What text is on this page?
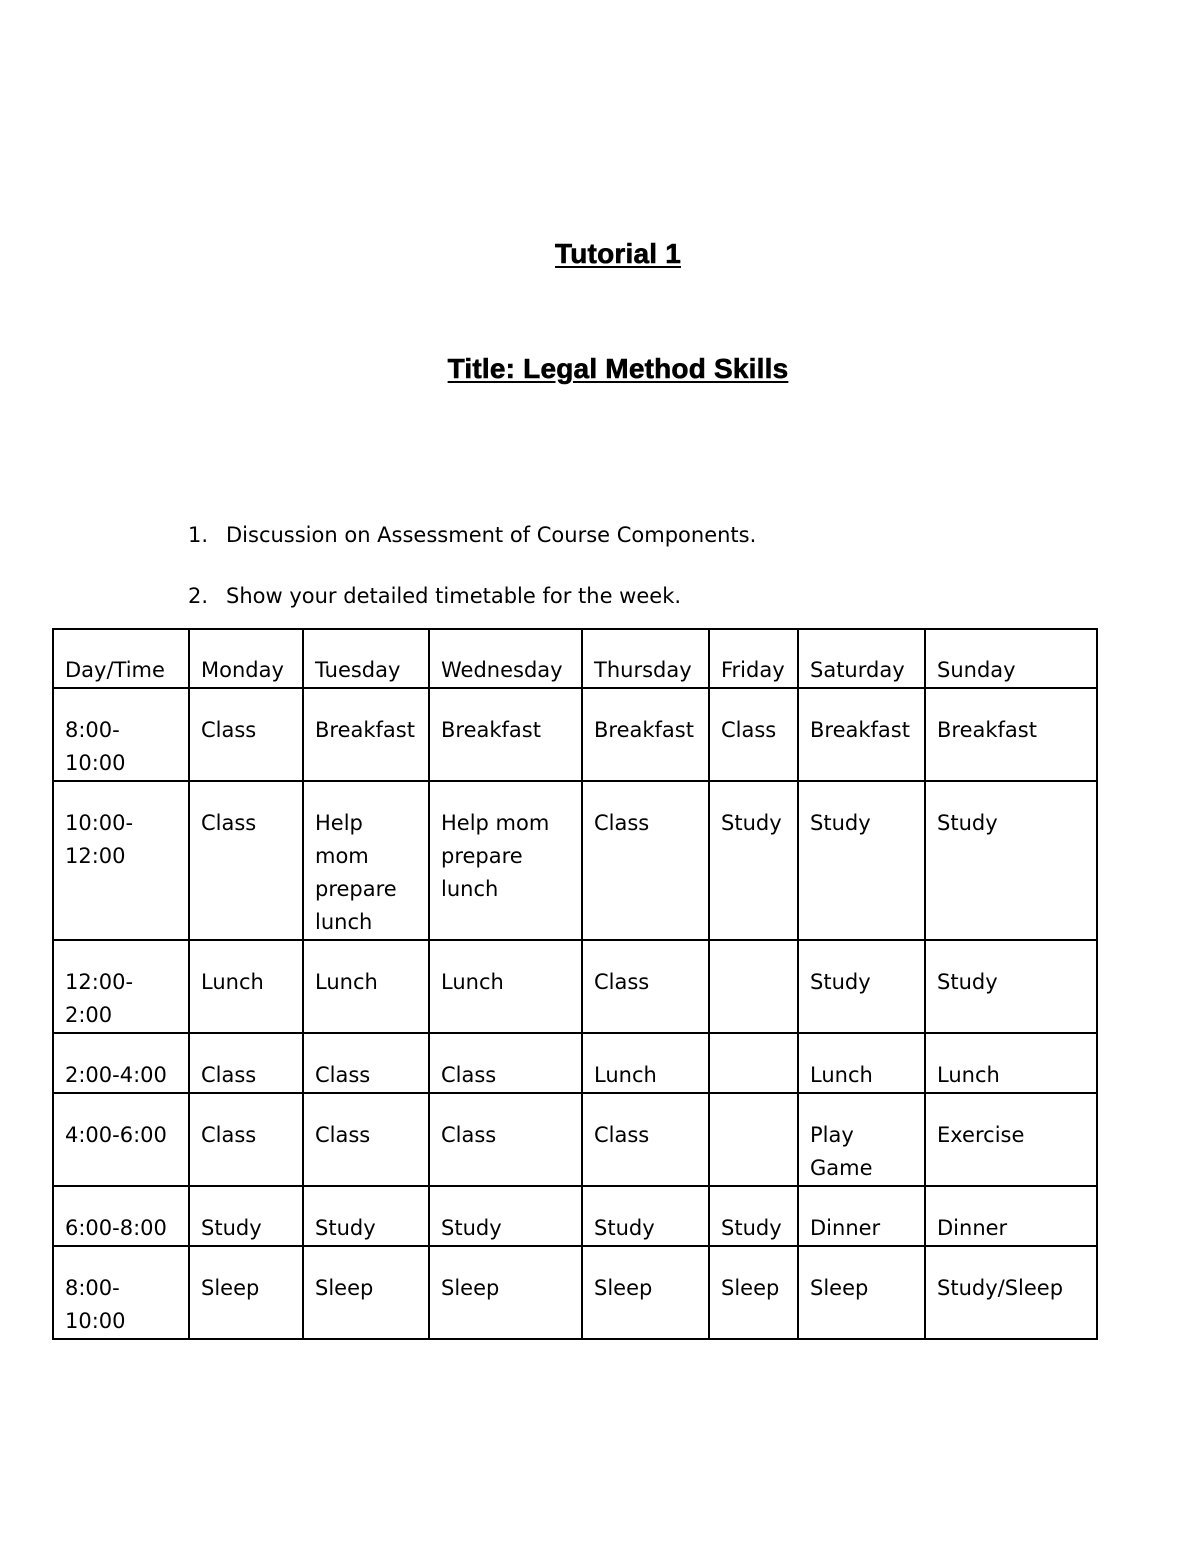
Tutorial 1
Title: Legal Method Skills
1. Discussion on Assessment of Course Components.
2. Show your detailed timetable for the week.
Day/Time	Monday	Tuesday	Wednesday	Thursday	Friday	Saturday	Sunday
8:00-
10:00	Class	Breakfast	Breakfast	Breakfast	Class	Breakfast	Breakfast
10:00-
12:00	Class	Help
mom
prepare
lunch	Help mom
prepare
lunch	Class	Study	Study	Study
12:00-
2:00	Lunch	Lunch	Lunch	Class		Study	Study
2:00-4:00	Class	Class	Class	Lunch		Lunch	Lunch
4:00-6:00	Class	Class	Class	Class		Play
Game	Exercise
6:00-8:00	Study	Study	Study	Study	Study	Dinner	Dinner
8:00-
10:00	Sleep	Sleep	Sleep	Sleep	Sleep	Sleep	Study/Sleep
